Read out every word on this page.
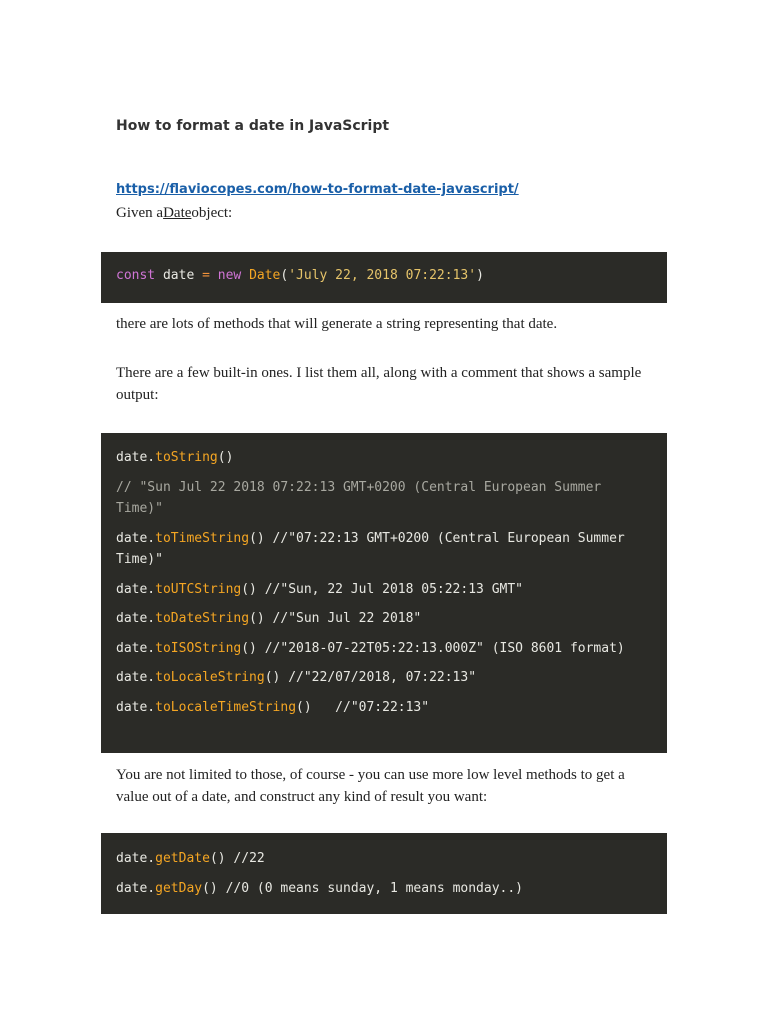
How to format a date in JavaScript
https://flaviocopes.com/how-to-format-date-javascript/
Given aDateobject:
const date = new Date('July 22, 2018 07:22:13')
there are lots of methods that will generate a string representing that date.
There are a few built-in ones. I list them all, along with a comment that shows a sample output:
date.toString()
// "Sun Jul 22 2018 07:22:13 GMT+0200 (Central European Summer Time)"
date.toTimeString() //"07:22:13 GMT+0200 (Central European Summer Time)"
date.toUTCString() //"Sun, 22 Jul 2018 05:22:13 GMT"
date.toDateString() //"Sun Jul 22 2018"
date.toISOString() //"2018-07-22T05:22:13.000Z" (ISO 8601 format)
date.toLocaleString() //"22/07/2018, 07:22:13"
date.toLocaleTimeString()   //"07:22:13"
You are not limited to those, of course - you can use more low level methods to get a value out of a date, and construct any kind of result you want:
date.getDate() //22
date.getDay() //0 (0 means sunday, 1 means monday..)
